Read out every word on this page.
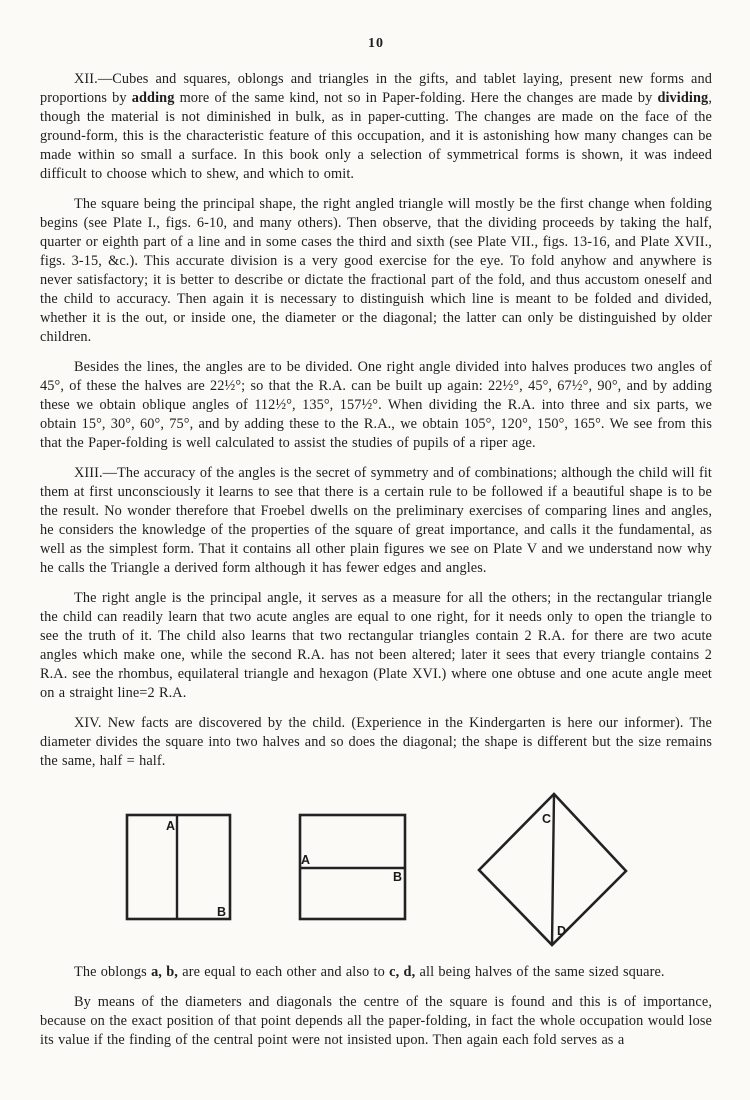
10

XII.—Cubes and squares, oblongs and triangles in the gifts, and tablet laying, present new forms and proportions by adding more of the same kind, not so in Paper-folding. Here the changes are made by dividing, though the material is not diminished in bulk, as in paper-cutting. The changes are made on the face of the ground-form, this is the characteristic feature of this occupation, and it is astonishing how many changes can be made within so small a surface. In this book only a selection of symmetrical forms is shown, it was indeed difficult to choose which to shew, and which to omit.

The square being the principal shape, the right angled triangle will mostly be the first change when folding begins (see Plate I., figs. 6-10, and many others). Then observe, that the dividing proceeds by taking the half, quarter or eighth part of a line and in some cases the third and sixth (see Plate VII., figs. 13-16, and Plate XVII., figs. 3-15, &c.). This accurate division is a very good exercise for the eye. To fold anyhow and anywhere is never satisfactory; it is better to describe or dictate the fractional part of the fold, and thus accustom oneself and the child to accuracy. Then again it is necessary to distinguish which line is meant to be folded and divided, whether it is the out, or inside one, the diameter or the diagonal; the latter can only be distinguished by older children.

Besides the lines, the angles are to be divided. One right angle divided into halves produces two angles of 45°, of these the halves are 22½°; so that the R.A. can be built up again: 22½°, 45°, 67½°, 90°, and by adding these we obtain oblique angles of 112½°, 135°, 157½°. When dividing the R.A. into three and six parts, we obtain 15°, 30°, 60°, 75°, and by adding these to the R.A., we obtain 105°, 120°, 150°, 165°. We see from this that the Paper-folding is well calculated to assist the studies of pupils of a riper age.

XIII.—The accuracy of the angles is the secret of symmetry and of combinations; although the child will fit them at first unconsciously it learns to see that there is a certain rule to be followed if a beautiful shape is to be the result. No wonder therefore that Froebel dwells on the preliminary exercises of comparing lines and angles, he considers the knowledge of the properties of the square of great importance, and calls it the fundamental, as well as the simplest form. That it contains all other plain figures we see on Plate V and we understand now why he calls the Triangle a derived form although it has fewer edges and angles.

The right angle is the principal angle, it serves as a measure for all the others; in the rectangular triangle the child can readily learn that two acute angles are equal to one right, for it needs only to open the triangle to see the truth of it. The child also learns that two rectangular triangles contain 2 R.A. for there are two acute angles which make one, while the second R.A. has not been altered; later it sees that every triangle contains 2 R.A. see the rhombus, equilateral triangle and hexagon (Plate XVI.) where one obtuse and one acute angle meet on a straight line=2 R.A.

XIV. New facts are discovered by the child. (Experience in the Kindergarten is here our informer). The diameter divides the square into two halves and so does the diagonal; the shape is different but the size remains the same, half = half.

A
B
A
B
C
D

The oblongs a, b, are equal to each other and also to c, d, all being halves of the same sized square.

By means of the diameters and diagonals the centre of the square is found and this is of importance, because on the exact position of that point depends all the paper-folding, in fact the whole occupation would lose its value if the finding of the central point were not insisted upon. Then again each fold serves as a
